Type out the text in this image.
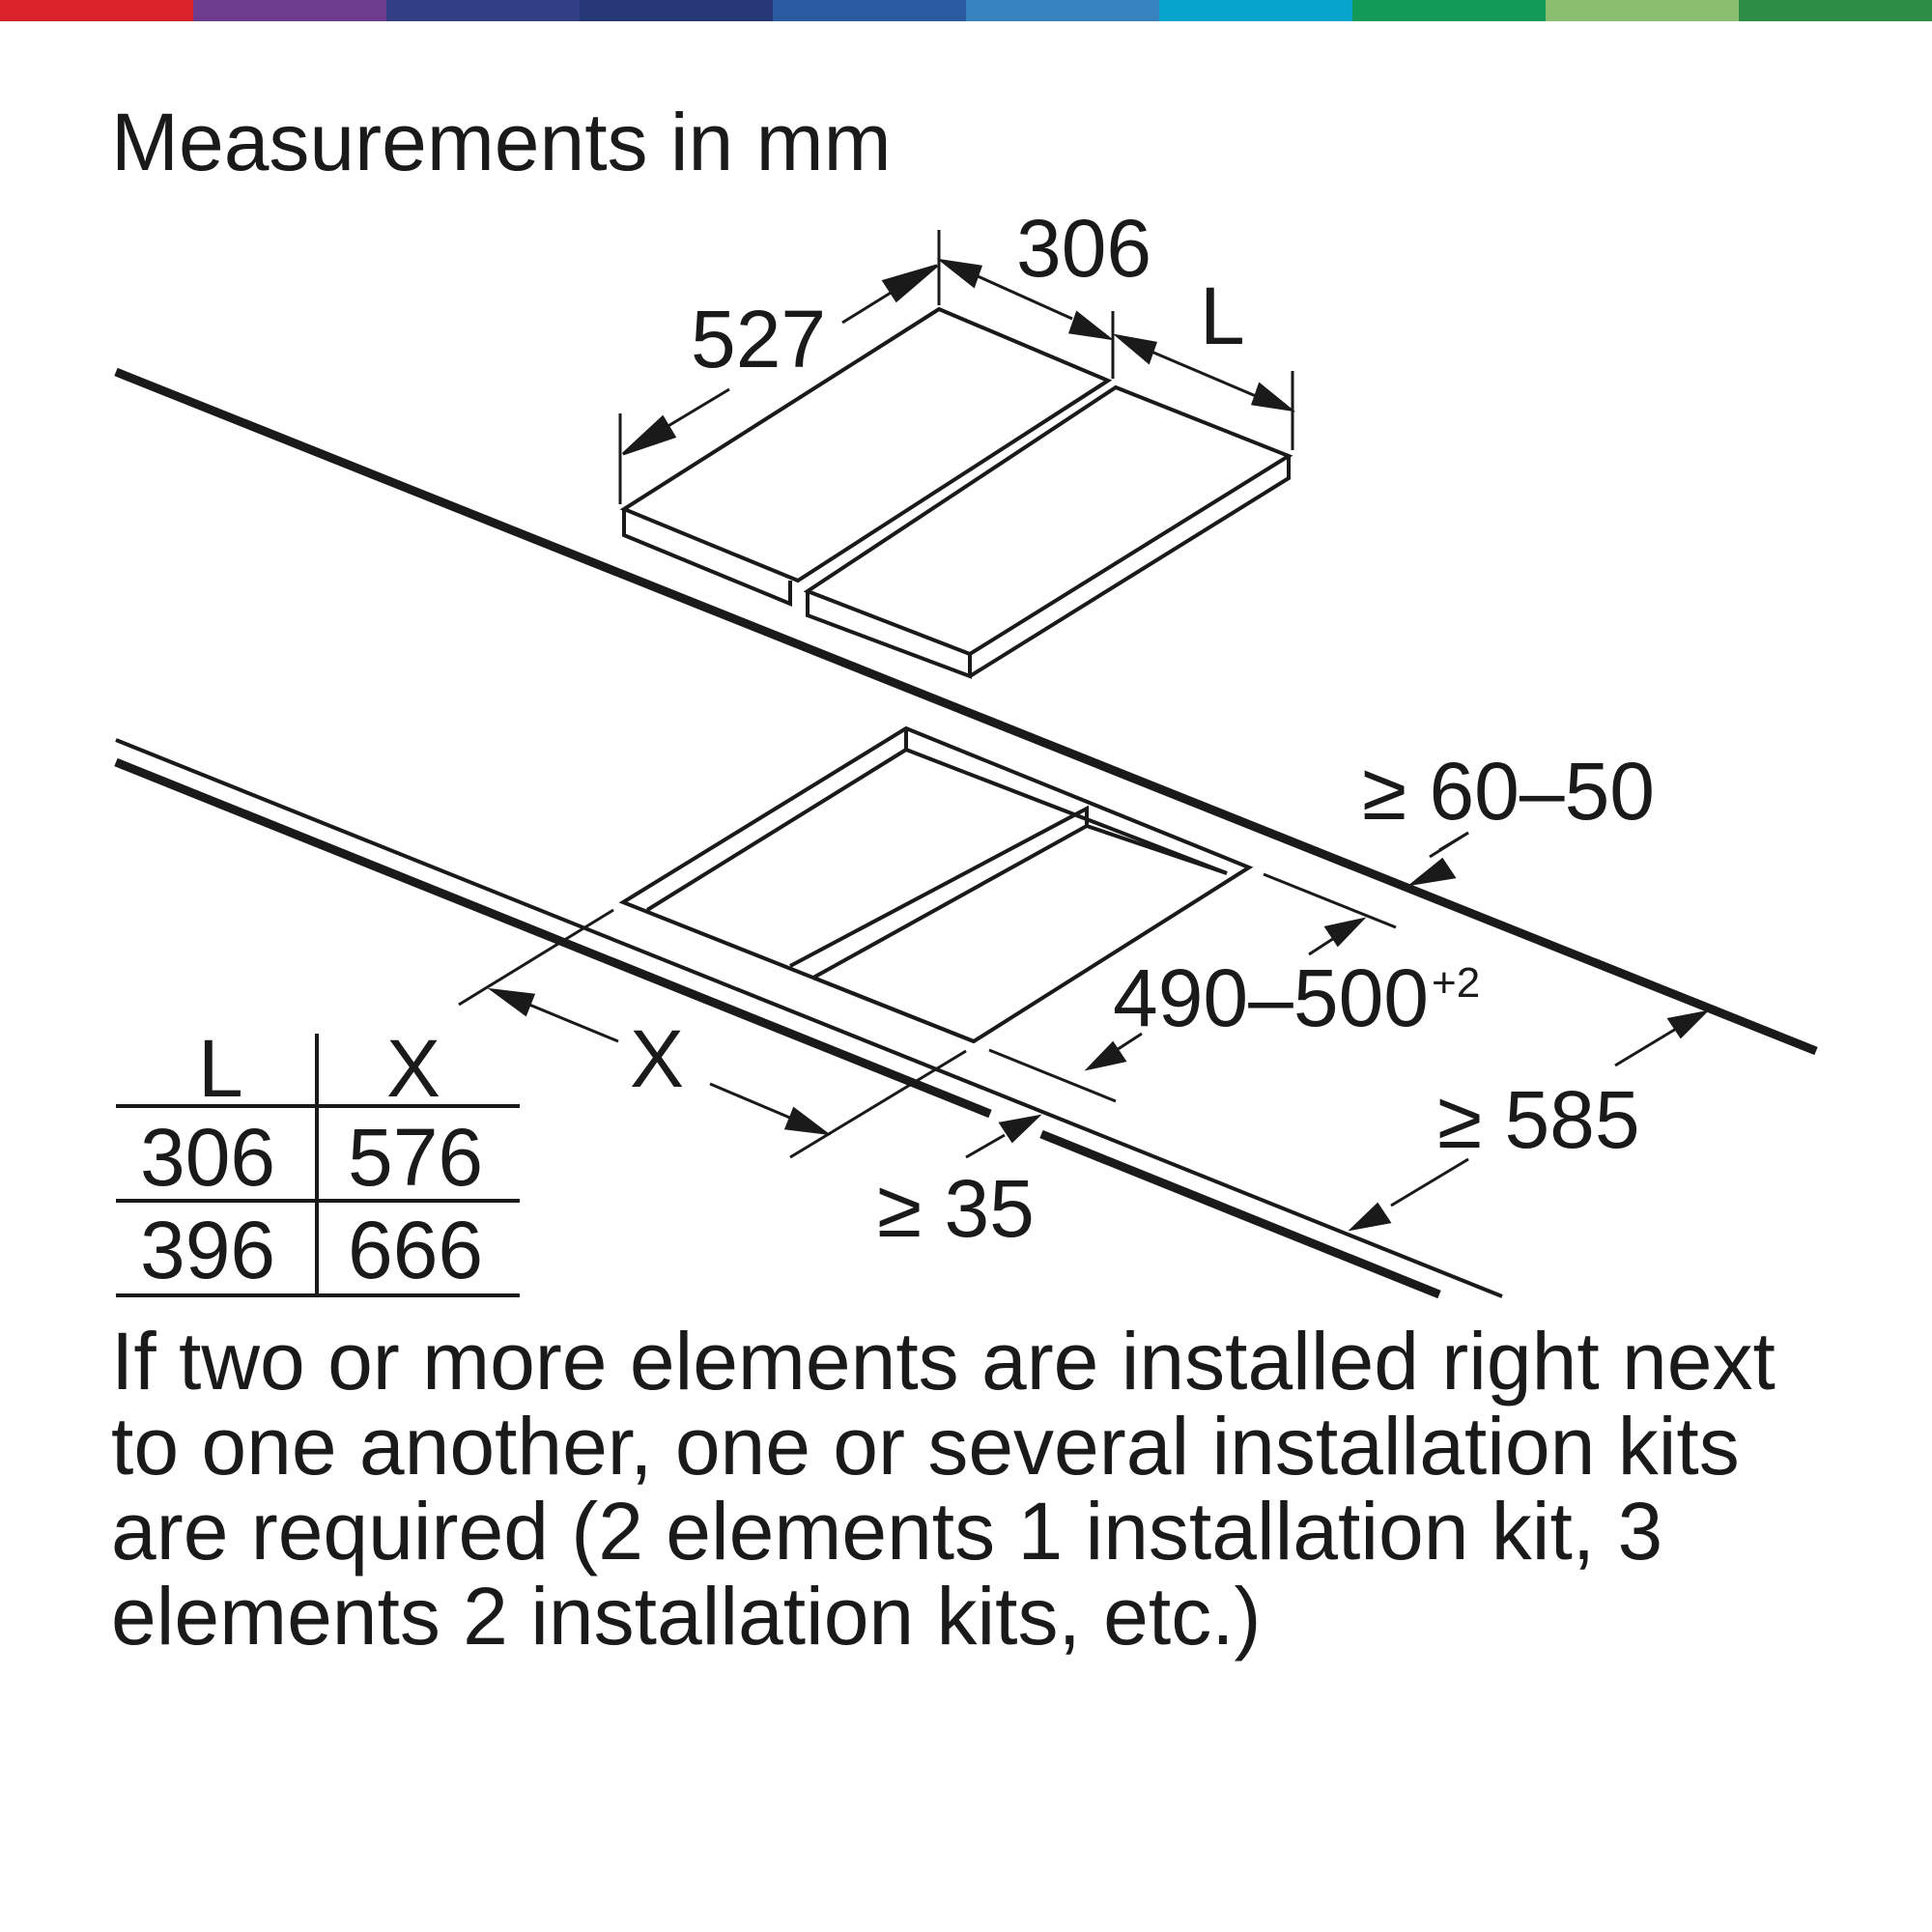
Measurements in mm
527
306
L
≥ 60–50
490–500 +2
X
≥ 35
≥ 585
L X
306 576
396 666
If two or more elements are installed right next to one another, one or several installation kits are required (2 elements 1 installation kit, 3 elements 2 installation kits, etc.)
